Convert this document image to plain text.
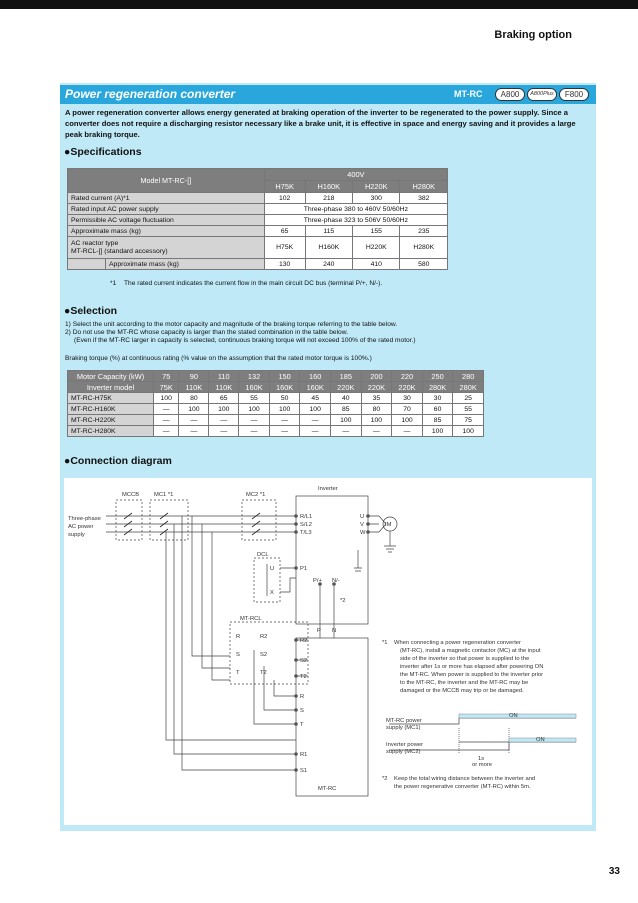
Braking option
Power regeneration converter	MT-RC	A800	A800Plus	F800
A power regeneration converter allows energy generated at braking operation of the inverter to be regenerated to the power supply. Since a converter does not require a discharging resistor necessary like a brake unit, it is effective in space and energy saving and it provides a large peak braking torque.
●Specifications
Model MT-RC-[]		400V			
		H75K	H160K	H220K	H280K
Rated current (A)*1		102	218	300	382
Rated input AC power supply		Three-phase 380 to 460V 50/60Hz			
Permissible AC voltage fluctuation		Three-phase 323 to 506V 50/60Hz			
Approximate mass (kg)		65	115	155	235
AC reactor type
MT-RCL-[] (standard accessory)		H75K	H160K	H220K	H280K
	Approximate mass (kg)	130	240	410	580
*1 The rated current indicates the current flow in the main circuit DC bus (terminal P/+, N/-).
●Selection
1) Select the unit according to the motor capacity and magnitude of the braking torque referring to the table below.
2) Do not use the MT-RC whose capacity is larger than the stated combination in the table below.
(Even if the MT-RC larger in capacity is selected, continuous braking torque will not exceed 100% of the rated motor.)
Braking torque (%) at continuous rating (% value on the assumption that the rated motor torque is 100%.)
Motor Capacity (kW)	75	90	110	132	150	160	185	200	220	250	280
Inverter model	75K	110K	110K	160K	160K	160K	220K	220K	220K	280K	280K
MT-RC-H75K	100	80	65	55	50	45	40	35	30	30	25
MT-RC-H160K	—	100	100	100	100	100	85	80	70	60	55
MT-RC-H220K	—	—	—	—	—	—	100	100	100	85	75
MT-RC-H280K	—	—	—	—	—	—	—	—	—	100	100
●Connection diagram
MCCB	MC1 *1	MC2 *1
Inverter
Three-phase
AC power
supply
R/L1
S/L2
T/L3
U
V
W
IM
DCL
U
X
P1
P/+ N/-
*2
P N
MT-RCL
R	R2
S	S2
T	T2
R2
S2
T2
R
S
T
R1
S1
MT-RC
*1 When connecting a power regeneration converter
(MT-RC), install a magnetic contactor (MC) at the input
side of the inverter so that power is supplied to the
inverter after 1s or more has elapsed after powering ON
the MT-RC. When power is supplied to the inverter prior
to the MT-RC, the inverter and the MT-RC may be
damaged or the MCCB may trip or be damaged.
MT-RC power
supply (MC1)
Inverter power
supply (MC2)
ON
ON
1s
or more
*2 Keep the total wiring distance between the inverter and
the power regenerative converter (MT-RC) within 5m.
33
